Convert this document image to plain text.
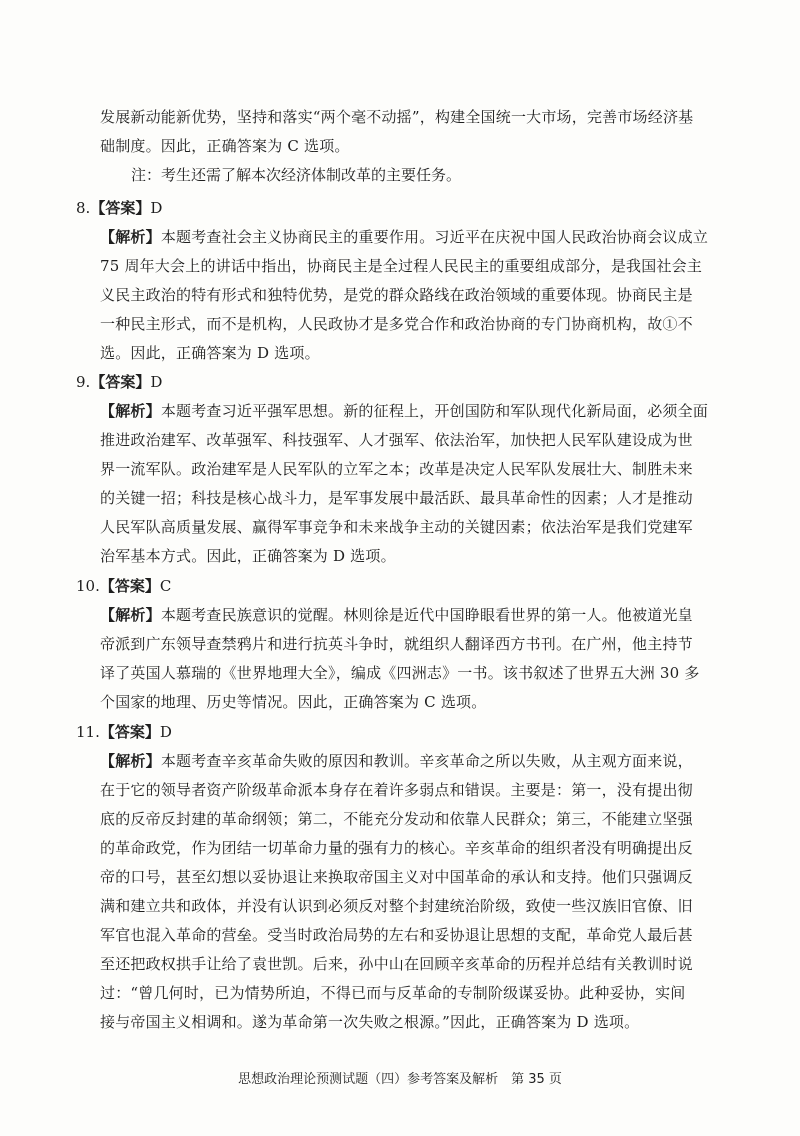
发展新动能新优势，坚持和落实“两个毫不动摇”，构建全国统一大市场，完善市场经济基
础制度。因此，正确答案为 C 选项。
注：考生还需了解本次经济体制改革的主要任务。
8.【答案】D
【解析】本题考查社会主义协商民主的重要作用。习近平在庆祝中国人民政治协商会议成立
75 周年大会上的讲话中指出，协商民主是全过程人民民主的重要组成部分，是我国社会主
义民主政治的特有形式和独特优势，是党的群众路线在政治领域的重要体现。协商民主是
一种民主形式，而不是机构，人民政协才是多党合作和政治协商的专门协商机构，故①不
选。因此，正确答案为 D 选项。
9.【答案】D
【解析】本题考查习近平强军思想。新的征程上，开创国防和军队现代化新局面，必须全面
推进政治建军、改革强军、科技强军、人才强军、依法治军，加快把人民军队建设成为世
界一流军队。政治建军是人民军队的立军之本；改革是决定人民军队发展壮大、制胜未来
的关键一招；科技是核心战斗力，是军事发展中最活跃、最具革命性的因素；人才是推动
人民军队高质量发展、赢得军事竞争和未来战争主动的关键因素；依法治军是我们党建军
治军基本方式。因此，正确答案为 D 选项。
10.【答案】C
【解析】本题考查民族意识的觉醒。林则徐是近代中国睁眼看世界的第一人。他被道光皇
帝派到广东领导查禁鸦片和进行抗英斗争时，就组织人翻译西方书刊。在广州，他主持节
译了英国人慕瑞的《世界地理大全》，编成《四洲志》一书。该书叙述了世界五大洲 30 多
个国家的地理、历史等情况。因此，正确答案为 C 选项。
11.【答案】D
【解析】本题考查辛亥革命失败的原因和教训。辛亥革命之所以失败，从主观方面来说，
在于它的领导者资产阶级革命派本身存在着许多弱点和错误。主要是：第一，没有提出彻
底的反帝反封建的革命纲领；第二，不能充分发动和依靠人民群众；第三，不能建立坚强
的革命政党，作为团结一切革命力量的强有力的核心。辛亥革命的组织者没有明确提出反
帝的口号，甚至幻想以妥协退让来换取帝国主义对中国革命的承认和支持。他们只强调反
满和建立共和政体，并没有认识到必须反对整个封建统治阶级，致使一些汉族旧官僚、旧
军官也混入革命的营垒。受当时政治局势的左右和妥协退让思想的支配，革命党人最后甚
至还把政权拱手让给了袁世凯。后来，孙中山在回顾辛亥革命的历程并总结有关教训时说
过：“曾几何时，已为情势所迫，不得已而与反革命的专制阶级谋妥协。此种妥协，实间
接与帝国主义相调和。遂为革命第一次失败之根源。”因此，正确答案为 D 选项。
思想政治理论预测试题（四）参考答案及解析　第 35 页
